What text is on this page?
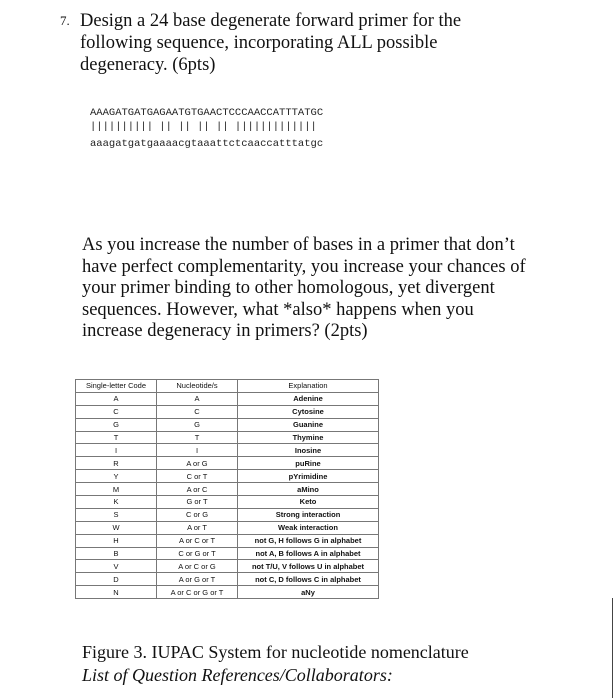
7. Design a 24 base degenerate forward primer for the
following sequence, incorporating ALL possible
degeneracy. (6pts)
AAAGATGATGAGAATGTGAACTCCCAACCATTTATGC
|||||||||| || || || || |||||||||||||
aaagatgatgaaaacgtaaattctcaaccatttatgc
As you increase the number of bases in a primer that don’t
have perfect complementarity, you increase your chances of
your primer binding to other homologous, yet divergent
sequences. However, what *also* happens when you
increase degeneracy in primers? (2pts)
Single-letter Code	Nucleotide/s	Explanation
A	A	Adenine
C	C	Cytosine
G	G	Guanine
T	T	Thymine
I	I	Inosine
R	A or G	puRine
Y	C or T	pYrimidine
M	A or C	aMino
K	G or T	Keto
S	C or G	Strong interaction
W	A or T	Weak interaction
H	A or C or T	not G, H follows G in alphabet
B	C or G or T	not A, B follows A in alphabet
V	A or C or G	not T/U, V follows U in alphabet
D	A or G or T	not C, D follows C in alphabet
N	A or C or G or T	aNy
Figure 3. IUPAC System for nucleotide nomenclature
List of Question References/Collaborators:
